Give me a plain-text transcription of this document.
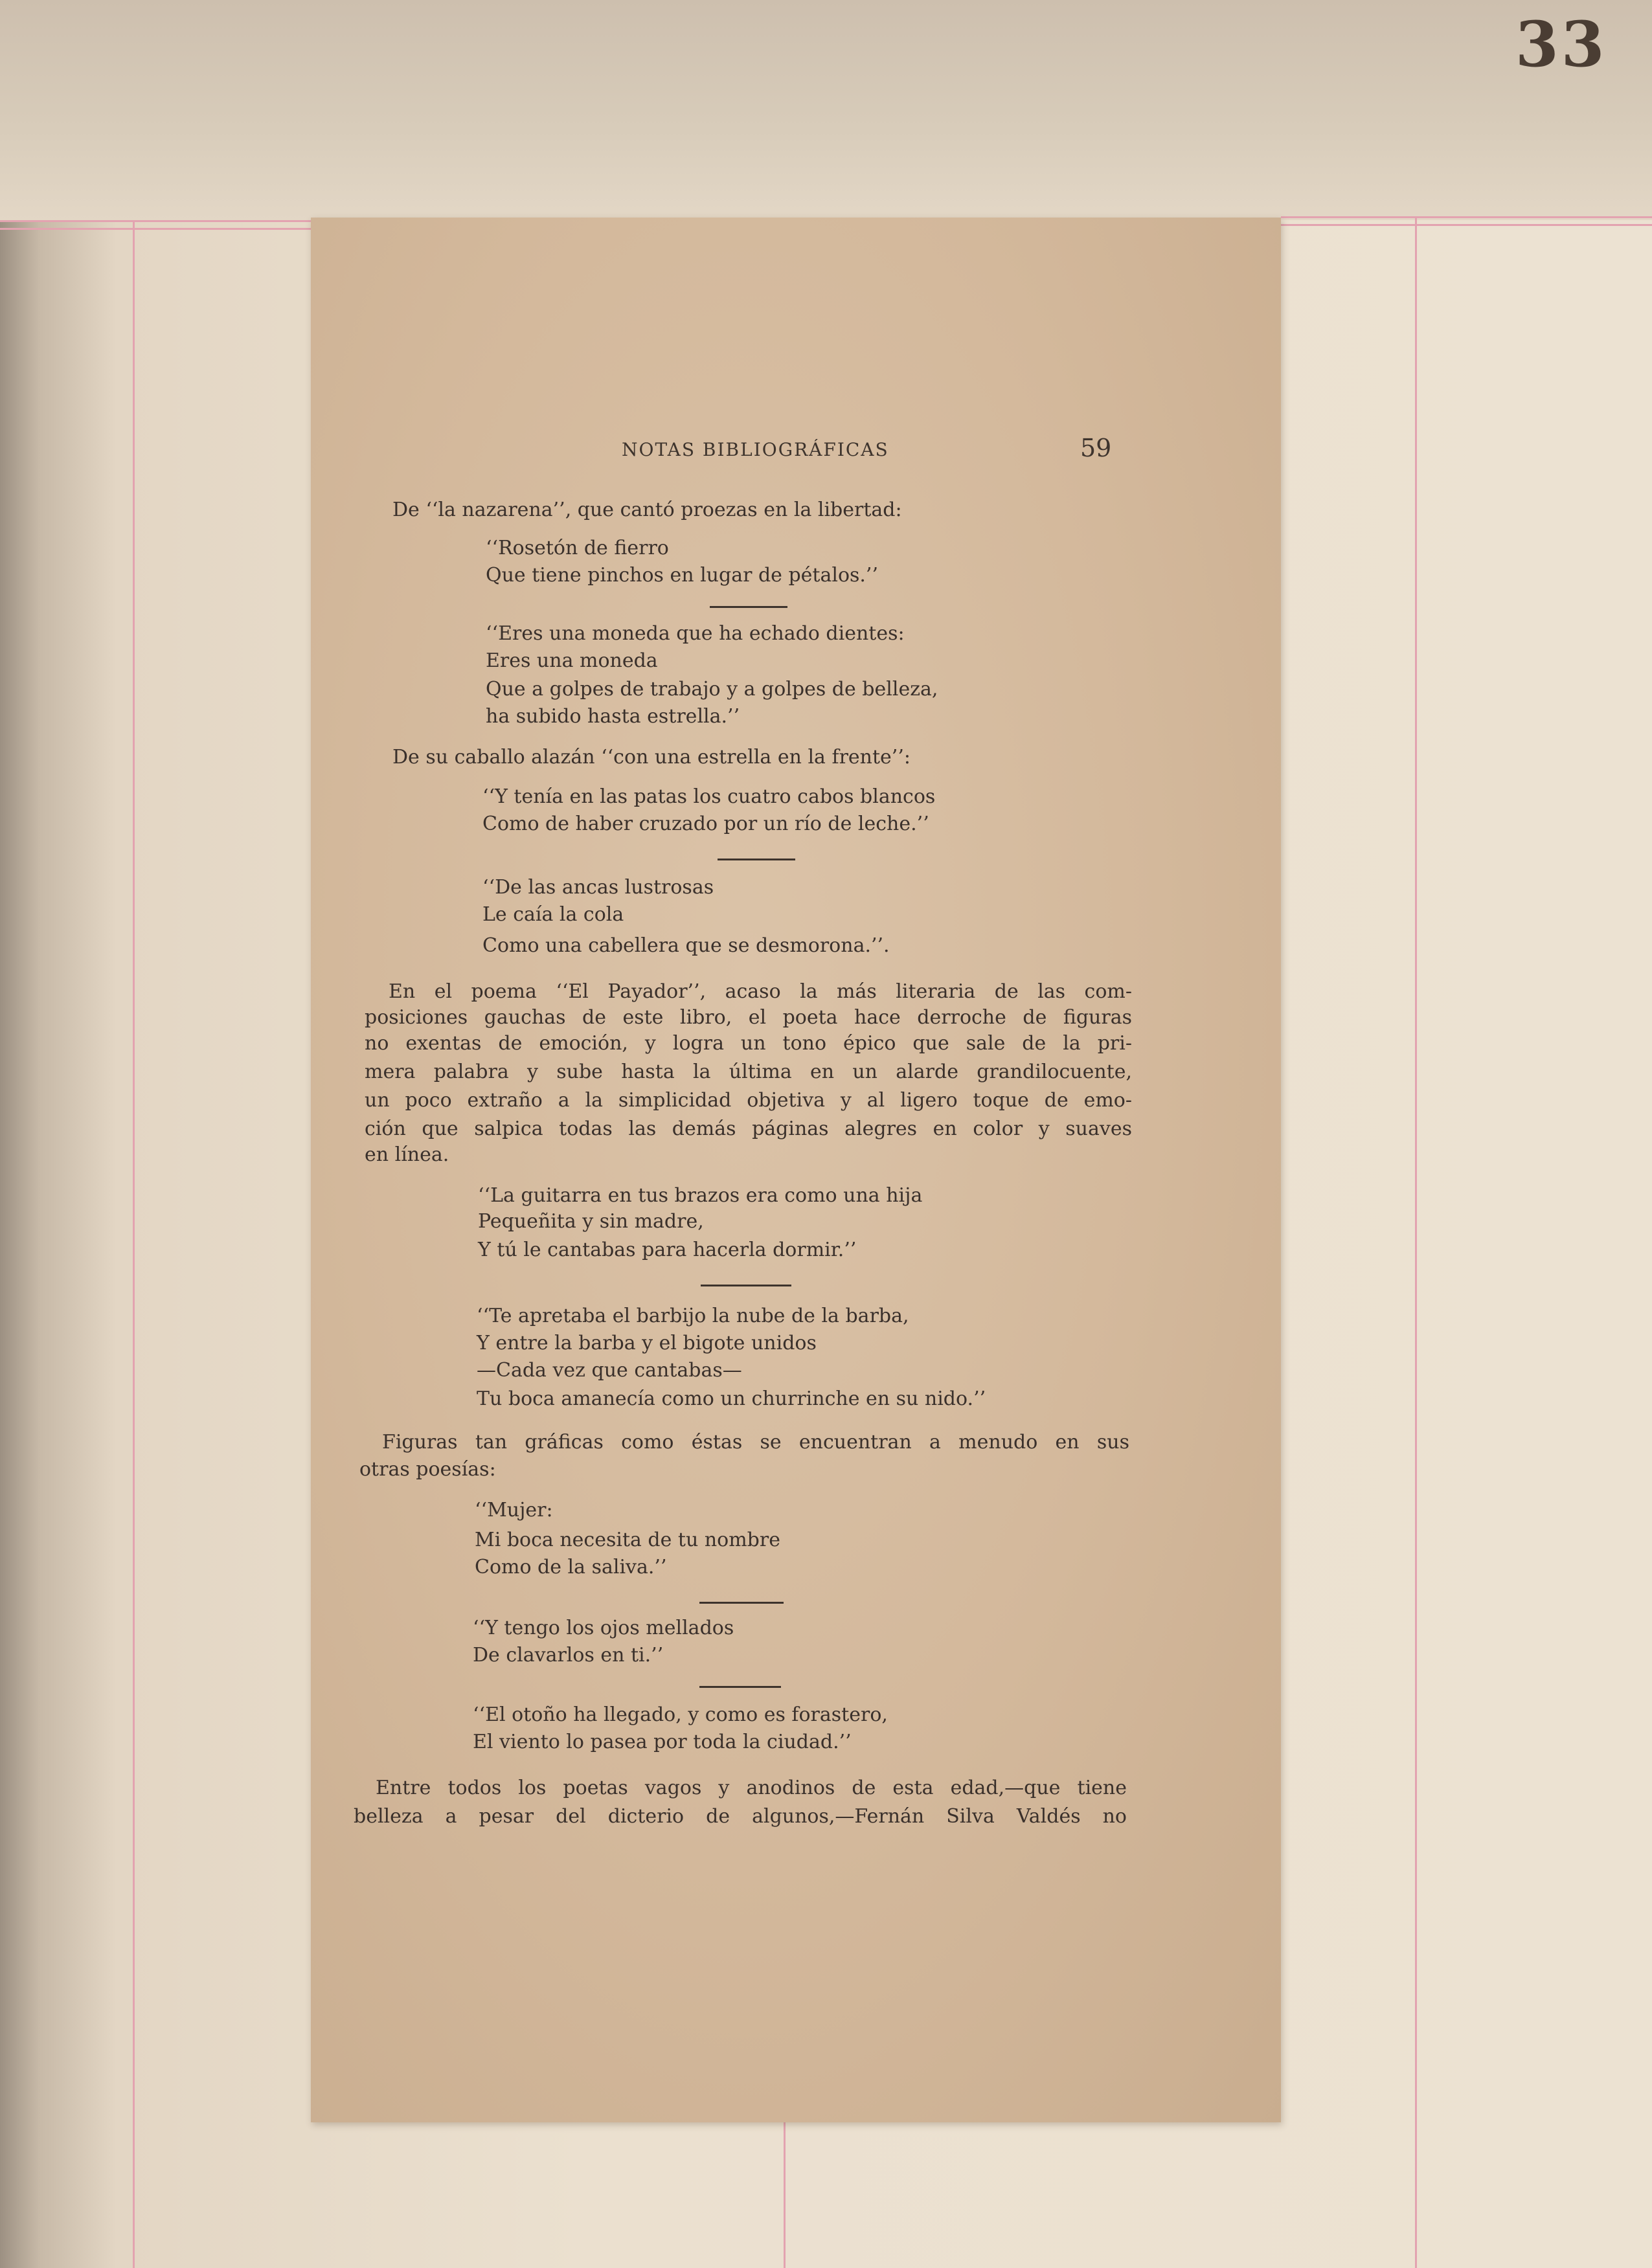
33
NOTAS BIBLIOGRÁFICAS	59
De ‘‘la nazarena’’, que cantó proezas en la libertad:
‘‘Rosetón de fierro
Que tiene pinchos en lugar de pétalos.’’
‘‘Eres una moneda que ha echado dientes:
Eres una moneda
Que a golpes de trabajo y a golpes de belleza,
ha subido hasta estrella.’’
De su caballo alazán ‘‘con una estrella en la frente’’:
‘‘Y tenía en las patas los cuatro cabos blancos
Como de haber cruzado por un río de leche.’’
‘‘De las ancas lustrosas
Le caía la cola
Como una cabellera que se desmorona.’’.
En el poema ‘‘El Payador’’, acaso la más literaria de las com-
posiciones gauchas de este libro, el poeta hace derroche de figuras
no exentas de emoción, y logra un tono épico que sale de la pri-
mera palabra y sube hasta la última en un alarde grandilocuente,
un poco extraño a la simplicidad objetiva y al ligero toque de emo-
ción que salpica todas las demás páginas alegres en color y suaves
en línea.
‘‘La guitarra en tus brazos era como una hija
Pequeñita y sin madre,
Y tú le cantabas para hacerla dormir.’’
‘‘Te apretaba el barbijo la nube de la barba,
Y entre la barba y el bigote unidos
—Cada vez que cantabas—
Tu boca amanecía como un churrinche en su nido.’’
Figuras tan gráficas como éstas se encuentran a menudo en sus
otras poesías:
‘‘Mujer:
Mi boca necesita de tu nombre
Como de la saliva.’’
‘‘Y tengo los ojos mellados
De clavarlos en ti.’’
‘‘El otoño ha llegado, y como es forastero,
El viento lo pasea por toda la ciudad.’’
Entre todos los poetas vagos y anodinos de esta edad,—que tiene
belleza a pesar del dicterio de algunos,—Fernán Silva Valdés no
